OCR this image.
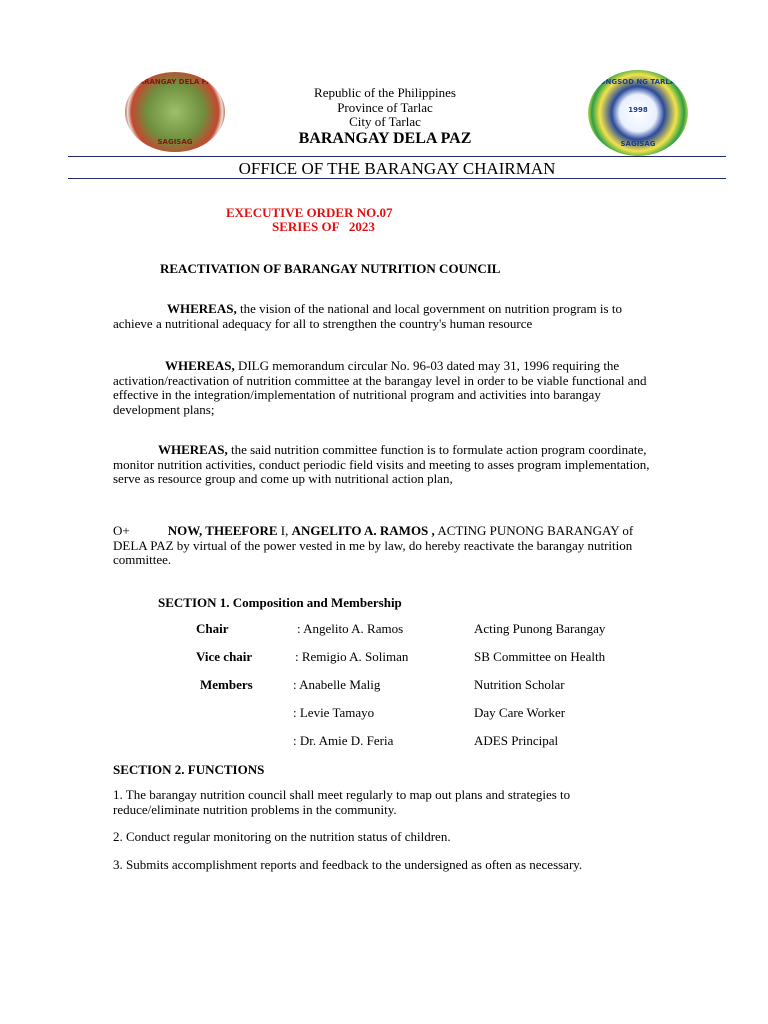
BARANGAY DELA PAZ
SAGISAG
LUNGSOD NG TARLAC
1998
SAGISAG
Republic of the Philippines
Province of Tarlac
City of Tarlac
BARANGAY DELA PAZ
OFFICE OF THE BARANGAY CHAIRMAN
EXECUTIVE ORDER NO.07
SERIES OF   2023
REACTIVATION OF BARANGAY NUTRITION COUNCIL
WHEREAS, the vision of the national and local government on nutrition program is to achieve a nutritional adequacy for all to strengthen the country's human resource
WHEREAS, DILG memorandum circular No. 96-03 dated may 31, 1996 requiring the activation/reactivation of nutrition committee at the barangay level in order to be viable functional and effective in the integration/implementation of nutritional program and activities into barangay development plans;
WHEREAS, the said nutrition committee function is to formulate action program coordinate, monitor nutrition activities, conduct periodic field visits and meeting to asses program implementation, serve as resource group and come up with nutritional action plan,
O+	NOW, THEEFORE I, ANGELITO A. RAMOS , ACTING PUNONG BARANGAY of DELA PAZ by virtual of the power vested in me by law, do hereby reactivate the barangay nutrition committee.
SECTION 1. Composition and Membership
Chair	: Angelito A. Ramos	Acting Punong Barangay
Vice chair	: Remigio A. Soliman	SB Committee on Health
Members	: Anabelle Malig	Nutrition Scholar
: Levie Tamayo	Day Care Worker
: Dr. Amie D. Feria	ADES Principal
SECTION 2. FUNCTIONS
1. The barangay nutrition council shall meet regularly to map out plans and strategies to reduce/eliminate nutrition problems in the community.
2. Conduct regular monitoring on the nutrition status of children.
3. Submits accomplishment reports and feedback to the undersigned as often as necessary.
